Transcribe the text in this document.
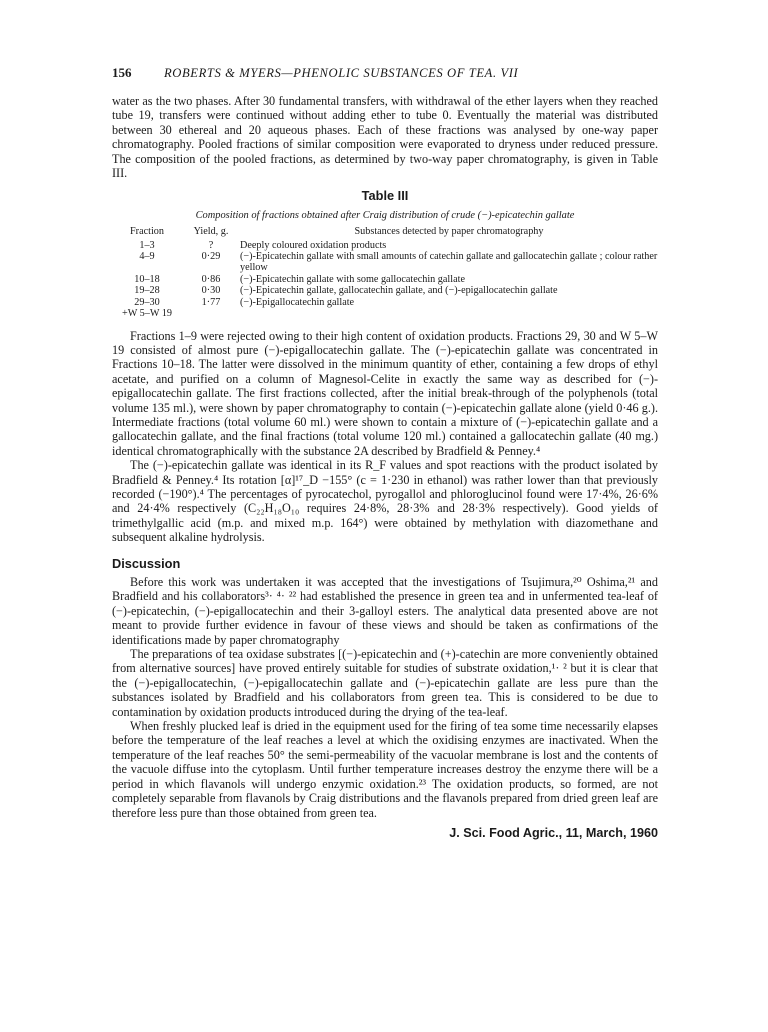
156	ROBERTS & MYERS—PHENOLIC SUBSTANCES OF TEA. VII

water as the two phases. After 30 fundamental transfers, with withdrawal of the ether layers when they reached tube 19, transfers were continued without adding ether to tube 0. Eventually the material was distributed between 30 ethereal and 20 aqueous phases. Each of these fractions was analysed by one-way paper chromatography. Pooled fractions of similar composition were evaporated to dryness under reduced pressure. The composition of the pooled fractions, as determined by two-way paper chromatography, is given in Table III.

Table III
Composition of fractions obtained after Craig distribution of crude (−)-epicatechin gallate
Fraction	Yield, g.	Substances detected by paper chromatography
1–3	?	Deeply coloured oxidation products
4–9	0·29	(−)-Epicatechin gallate with small amounts of catechin gallate and gallocatechin gallate ; colour rather yellow
10–18	0·86	(−)-Epicatechin gallate with some gallocatechin gallate
19–28	0·30	(−)-Epicatechin gallate, gallocatechin gallate, and (−)-epigallocatechin gallate
29–30	1·77	(−)-Epigallocatechin gallate
+W 5–W 19		

Fractions 1–9 were rejected owing to their high content of oxidation products. Fractions 29, 30 and W 5–W 19 consisted of almost pure (−)-epigallocatechin gallate. The (−)-epicatechin gallate was concentrated in Fractions 10–18. The latter were dissolved in the minimum quantity of ether, containing a few drops of ethyl acetate, and purified on a column of Magnesol-Celite in exactly the same way as described for (−)-epigallocatechin gallate. The first fractions collected, after the initial break-through of the polyphenols (total volume 135 ml.), were shown by paper chromatography to contain (−)-epicatechin gallate alone (yield 0·46 g.). Intermediate fractions (total volume 60 ml.) were shown to contain a mixture of (−)-epicatechin gallate and a gallocatechin gallate, and the final fractions (total volume 120 ml.) contained a gallocatechin gallate (40 mg.) identical chromatographically with the substance 2A described by Bradfield & Penney.⁴

The (−)-epicatechin gallate was identical in its R_F values and spot reactions with the product isolated by Bradfield & Penney.⁴ Its rotation [α]¹⁷_D −155° (c = 1·230 in ethanol) was rather lower than that previously recorded (−190°).⁴ The percentages of pyrocatechol, pyrogallol and phloroglucinol found were 17·4%, 26·6% and 24·4% respectively (C₂₂H₁₈O₁₀ requires 24·8%, 28·3% and 28·3% respectively). Good yields of trimethylgallic acid (m.p. and mixed m.p. 164°) were obtained by methylation with diazomethane and subsequent alkaline hydrolysis.

Discussion

Before this work was undertaken it was accepted that the investigations of Tsujimura,²⁰ Oshima,²¹ and Bradfield and his collaborators³· ⁴· ²² had established the presence in green tea and in unfermented tea-leaf of (−)-epicatechin, (−)-epigallocatechin and their 3-galloyl esters. The analytical data presented above are not meant to provide further evidence in favour of these views and should be taken as confirmations of the identifications made by paper chromatography

The preparations of tea oxidase substrates [(−)-epicatechin and (+)-catechin are more conveniently obtained from alternative sources] have proved entirely suitable for studies of substrate oxidation,¹· ² but it is clear that the (−)-epigallocatechin, (−)-epigallocatechin gallate and (−)-epicatechin gallate are less pure than the substances isolated by Bradfield and his collaborators from green tea. This is considered to be due to contamination by oxidation products introduced during the drying of the tea-leaf.

When freshly plucked leaf is dried in the equipment used for the firing of tea some time necessarily elapses before the temperature of the leaf reaches a level at which the oxidising enzymes are inactivated. When the temperature of the leaf reaches 50° the semi-permeability of the vacuolar membrane is lost and the contents of the vacuole diffuse into the cytoplasm. Until further temperature increases destroy the enzyme there will be a period in which flavanols will undergo enzymic oxidation.²³ The oxidation products, so formed, are not completely separable from flavanols by Craig distributions and the flavanols prepared from dried green leaf are therefore less pure than those obtained from green tea.

J. Sci. Food Agric., 11, March, 1960
